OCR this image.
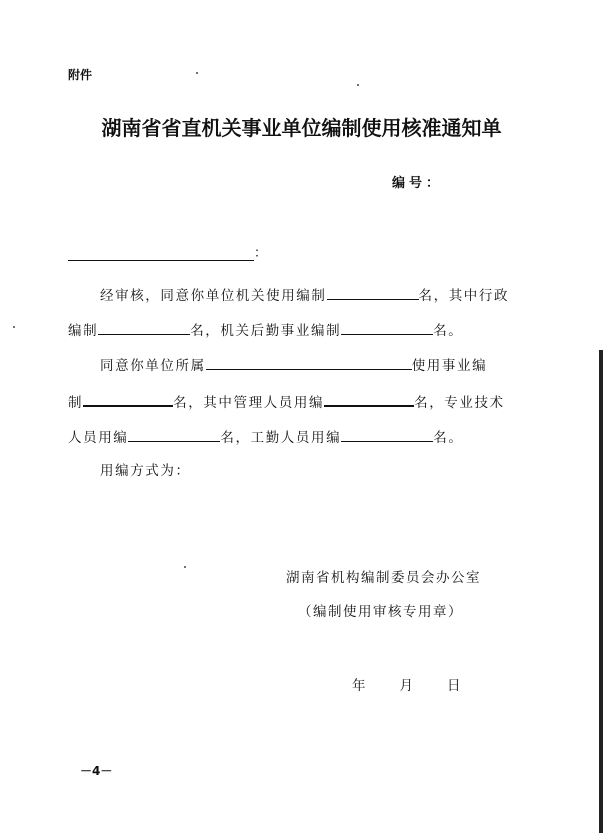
附件
湖南省省直机关事业单位编制使用核准通知单
编号：
：
经审核，同意你单位机关使用编制	名，其中行政
编制	名，机关后勤事业编制	名。
同意你单位所属	使用事业编
制	名，其中管理人员用编	名，专业技术
人员用编	名，工勤人员用编	名。
用编方式为：
湖南省机构编制委员会办公室
（编制使用审核专用章）
年	月	日
－4－
